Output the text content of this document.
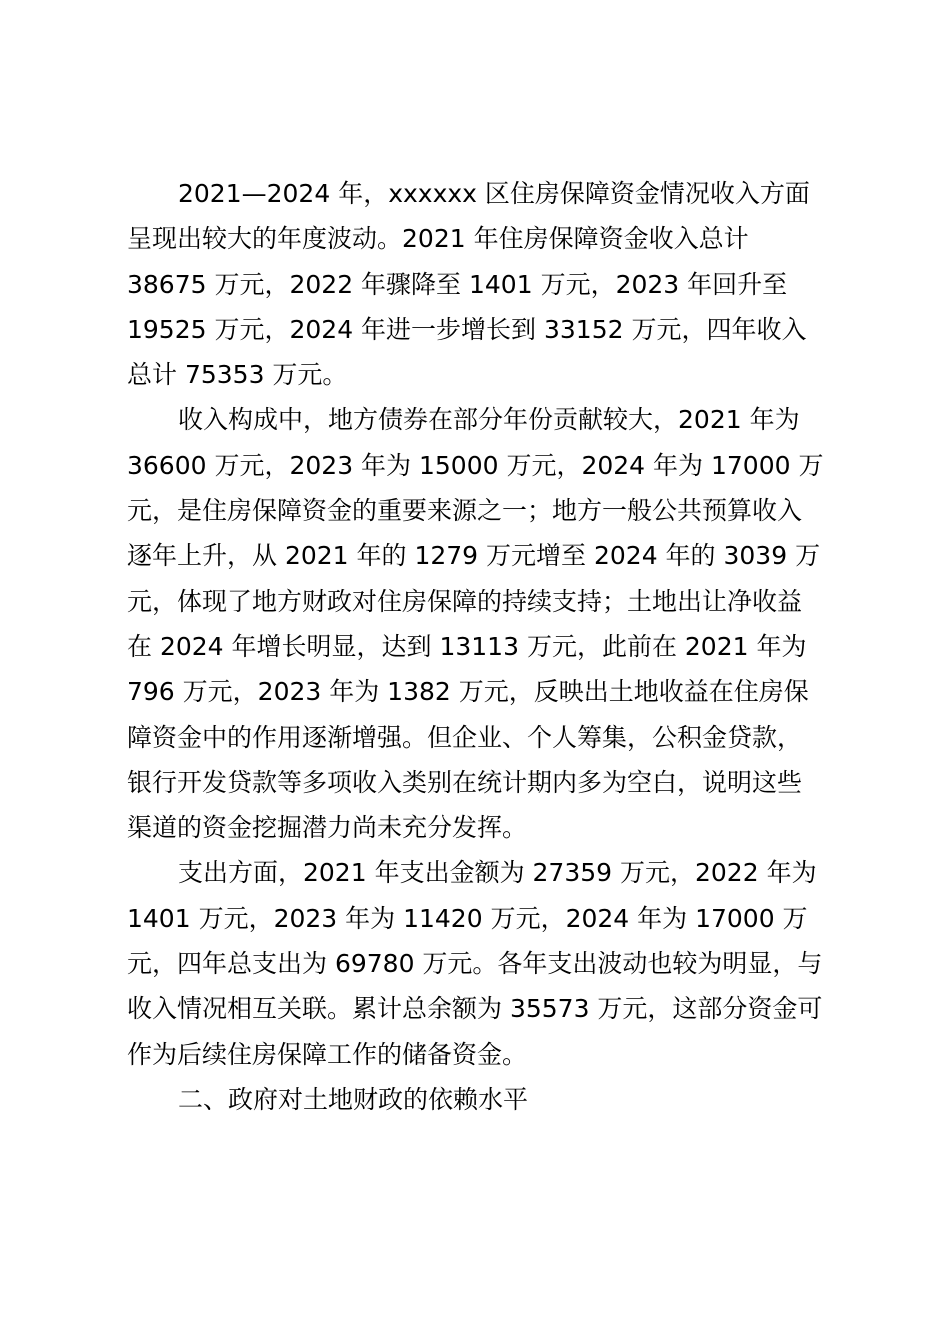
2021—2024 年，xxxxxx 区住房保障资金情况收入方面
呈现出较大的年度波动。2021 年住房保障资金收入总计
38675 万元，2022 年骤降至 1401 万元，2023 年回升至
19525 万元，2024 年进一步增长到 33152 万元，四年收入
总计 75353 万元。
收入构成中，地方债券在部分年份贡献较大，2021 年为
36600 万元，2023 年为 15000 万元，2024 年为 17000 万
元，是住房保障资金的重要来源之一；地方一般公共预算收入
逐年上升，从 2021 年的 1279 万元增至 2024 年的 3039 万
元，体现了地方财政对住房保障的持续支持；土地出让净收益
在 2024 年增长明显，达到 13113 万元，此前在 2021 年为
796 万元，2023 年为 1382 万元，反映出土地收益在住房保
障资金中的作用逐渐增强。但企业、个人筹集，公积金贷款，
银行开发贷款等多项收入类别在统计期内多为空白，说明这些
渠道的资金挖掘潜力尚未充分发挥。
支出方面，2021 年支出金额为 27359 万元，2022 年为
1401 万元，2023 年为 11420 万元，2024 年为 17000 万
元，四年总支出为 69780 万元。各年支出波动也较为明显，与
收入情况相互关联。累计总余额为 35573 万元，这部分资金可
作为后续住房保障工作的储备资金。
二、政府对土地财政的依赖水平
